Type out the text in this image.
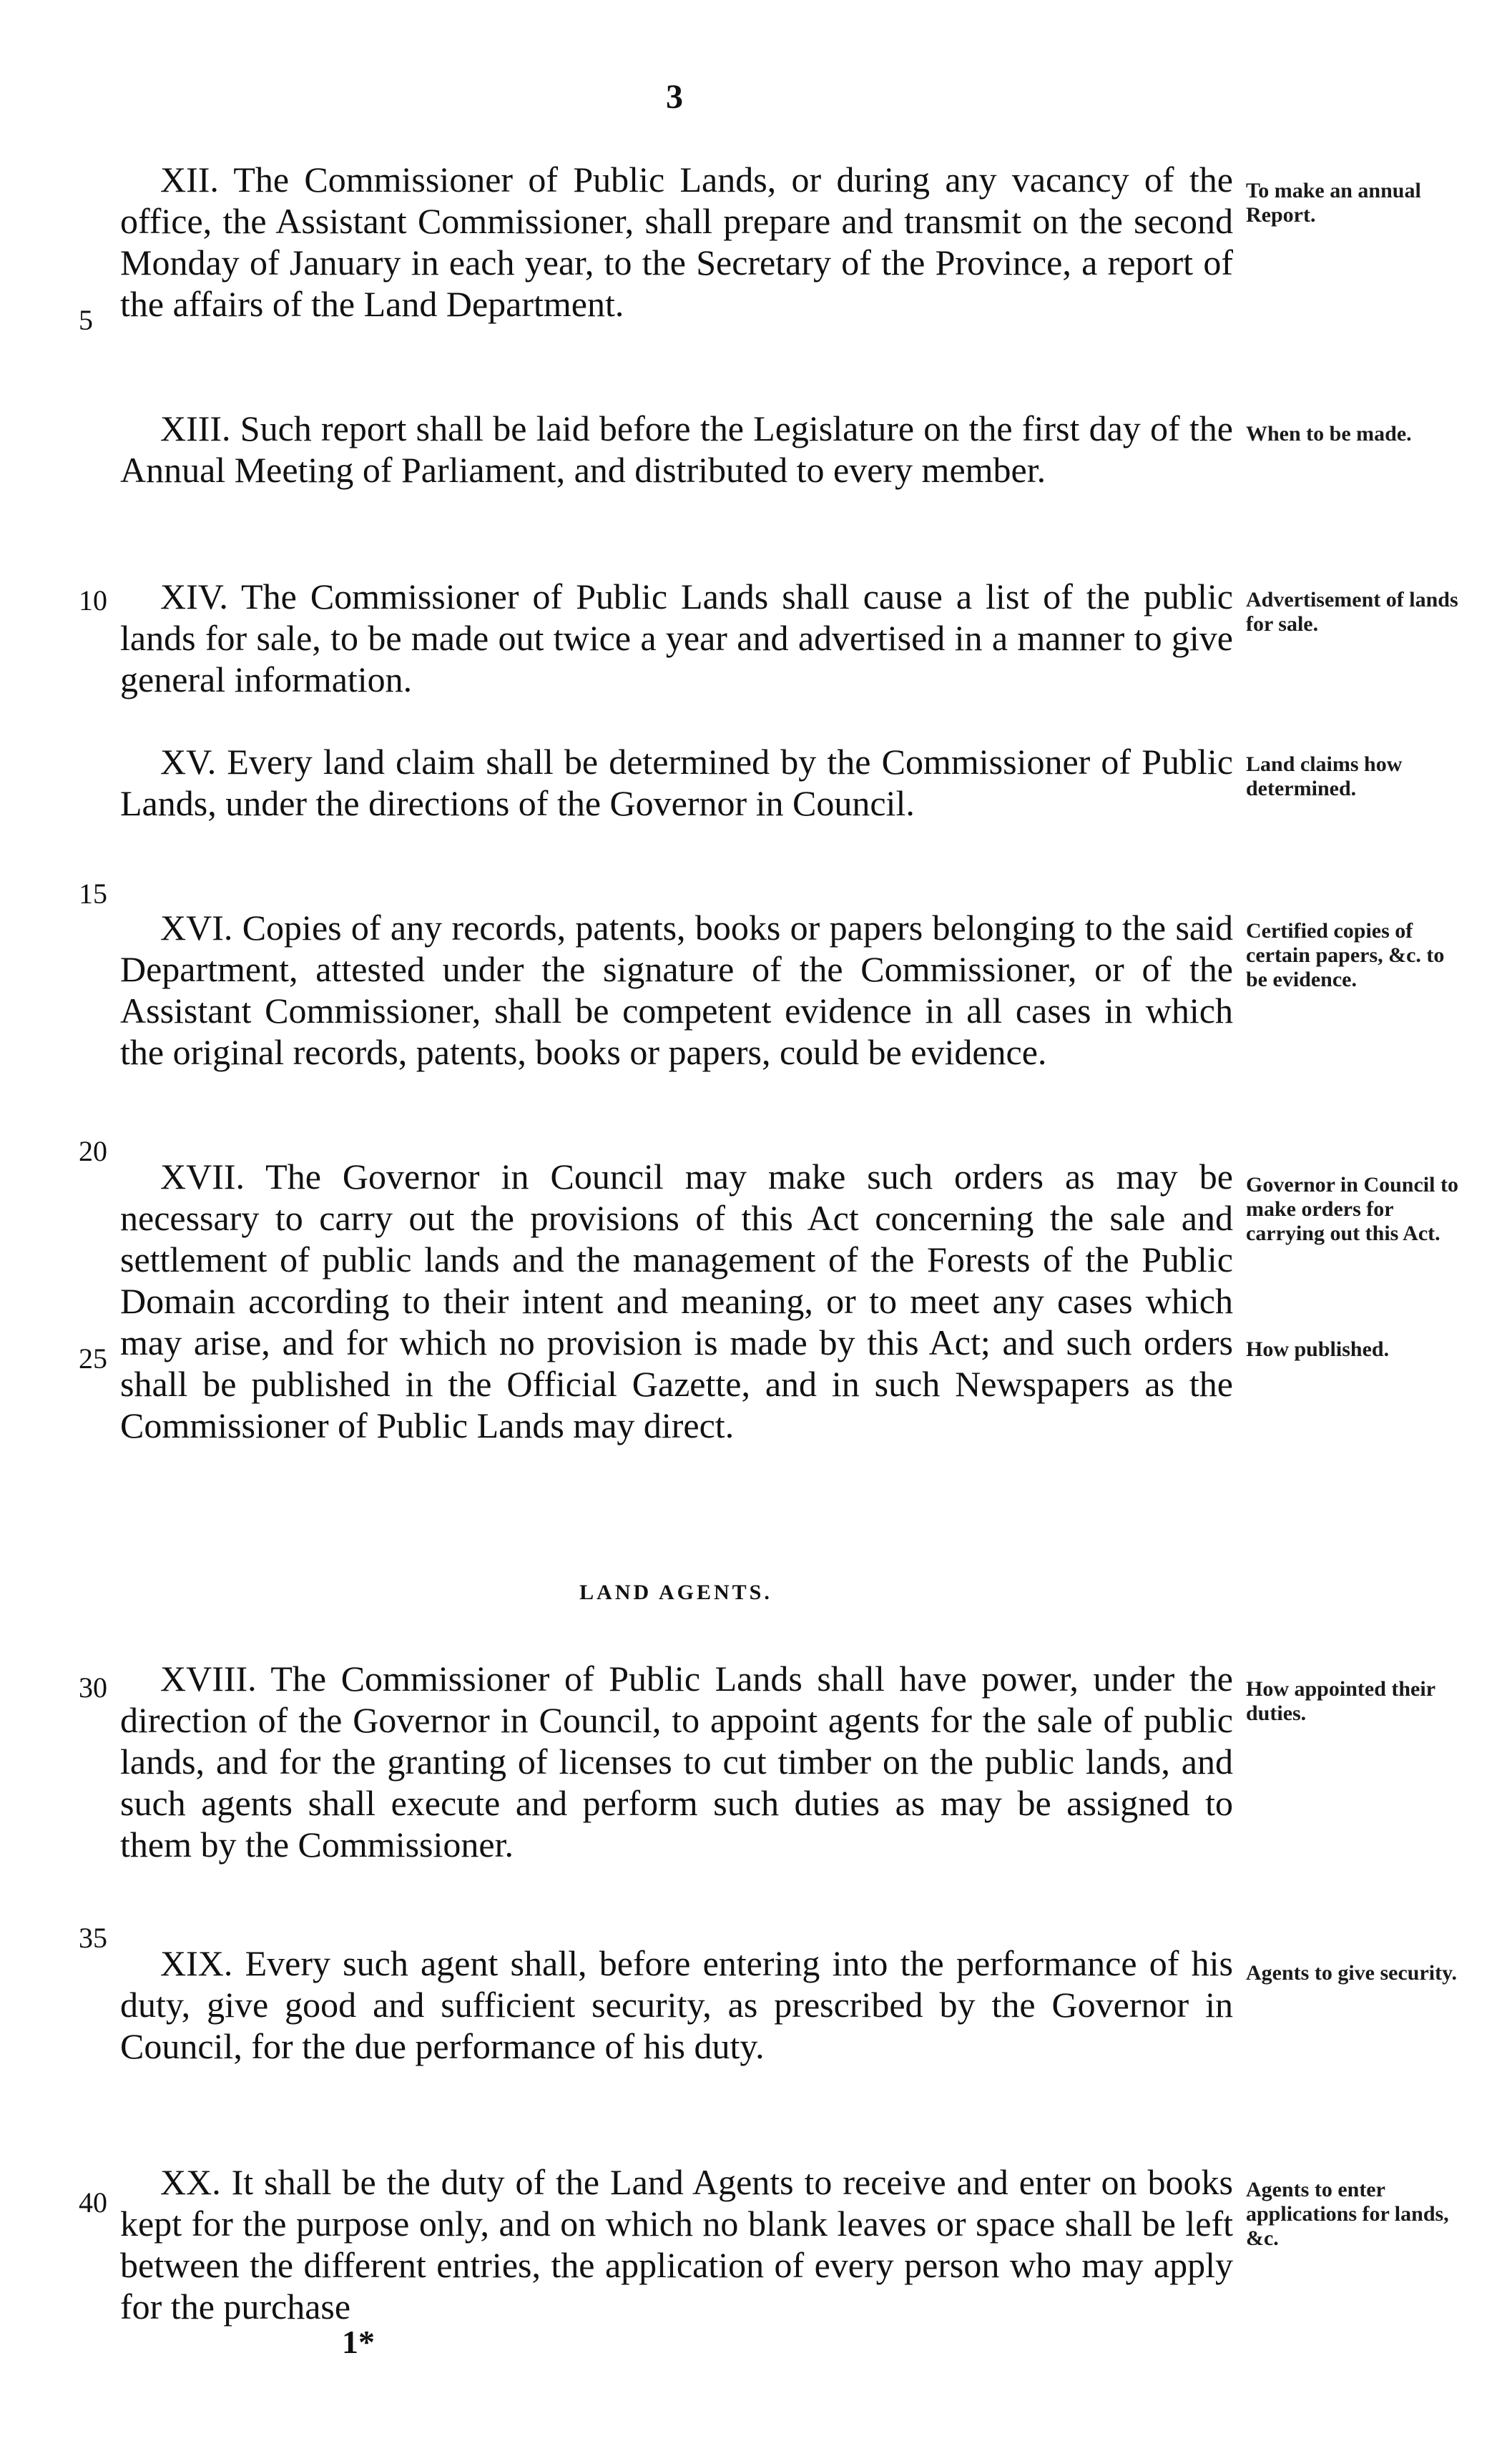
3
5
10
15
20
25
30
35
40

XII. The Commissioner of Public Lands, or during any vacancy of the office, the Assistant Commissioner, shall prepare and transmit on the second Monday of January in each year, to the Secretary of the Province, a report of the affairs of the Land Department.

To make an annual Report.

XIII. Such report shall be laid before the Legislature on the first day of the Annual Meeting of Parliament, and distributed to every member.

When to be made.

XIV. The Commissioner of Public Lands shall cause a list of the public lands for sale, to be made out twice a year and advertised in a manner to give general information.

Advertisement of lands for sale.

XV. Every land claim shall be determined by the Commissioner of Public Lands, under the directions of the Governor in Council.

Land claims how determined.

XVI. Copies of any records, patents, books or papers belonging to the said Department, attested under the signature of the Commissioner, or of the Assistant Commissioner, shall be competent evidence in all cases in which the original records, patents, books or papers, could be evidence.

Certified copies of certain papers, &c. to be evidence.

XVII. The Governor in Council may make such orders as may be necessary to carry out the provisions of this Act concerning the sale and settlement of public lands and the management of the Forests of the Public Domain according to their intent and meaning, or to meet any cases which may arise, and for which no provision is made by this Act; and such orders shall be published in the Official Gazette, and in such Newspapers as the Commissioner of Public Lands may direct.

Governor in Council to make orders for carrying out this Act.
How published.
LAND AGENTS.

XVIII. The Commissioner of Public Lands shall have power, under the direction of the Governor in Council, to appoint agents for the sale of public lands, and for the granting of licenses to cut timber on the public lands, and such agents shall execute and perform such duties as may be assigned to them by the Commissioner.

How appointed their duties.

XIX. Every such agent shall, before entering into the performance of his duty, give good and sufficient security, as prescribed by the Governor in Council, for the due performance of his duty.

Agents to give security.

XX. It shall be the duty of the Land Agents to receive and enter on books kept for the purpose only, and on which no blank leaves or space shall be left between the different entries, the application of every person who may apply for the purchase

Agents to enter applications for lands, &c.
1*
